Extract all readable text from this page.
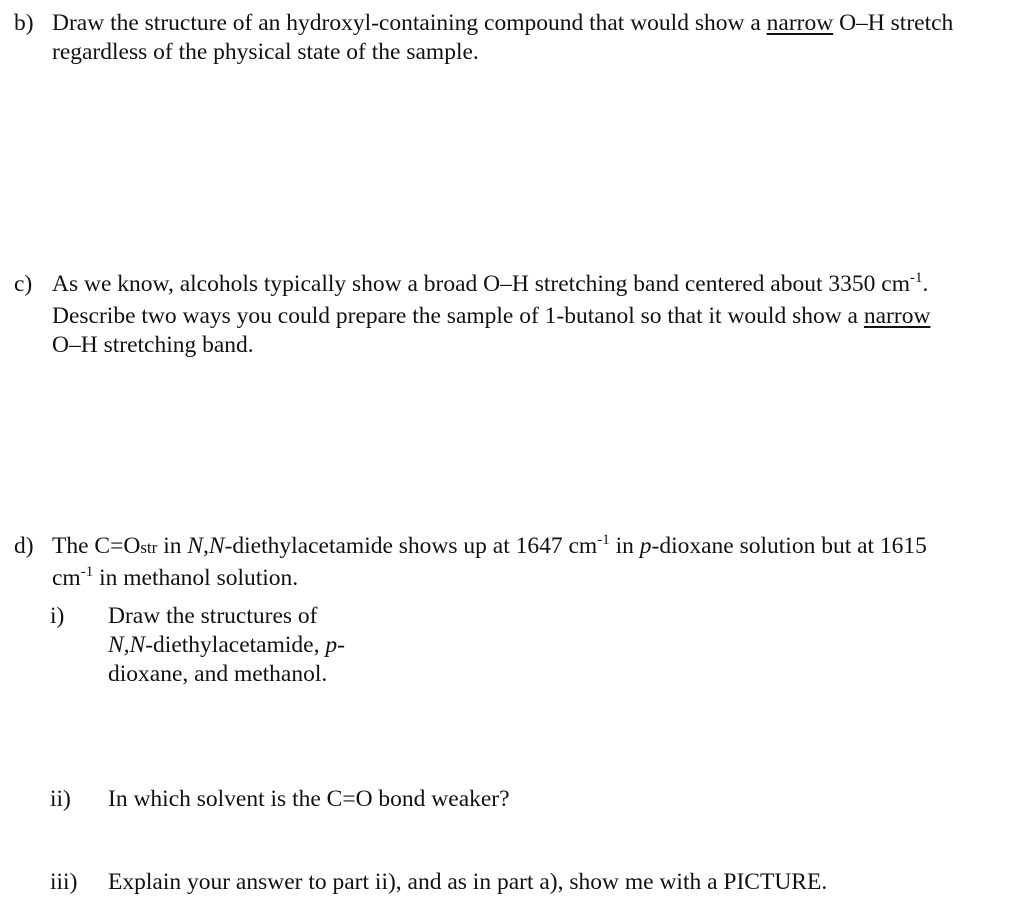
b) Draw the structure of an hydroxyl-containing compound that would show a narrow O–H stretch
regardless of the physical state of the sample.
c) As we know, alcohols typically show a broad O–H stretching band centered about 3350 $cm^{-1}$.
Describe two ways you could prepare the sample of 1-butanol so that it would show a narrow
O–H stretching band.
d) The C=Ostr in N,N-diethylacetamide shows up at 1647 $cm^{-1}$ in p-dioxane solution but at 1615
$cm^{-1}$ in methanol solution.
i) Draw the structures of
N,N-diethylacetamide, p-
dioxane, and methanol.
ii) In which solvent is the C=O bond weaker?
iii) Explain your answer to part ii), and as in part a), show me with a PICTURE.
